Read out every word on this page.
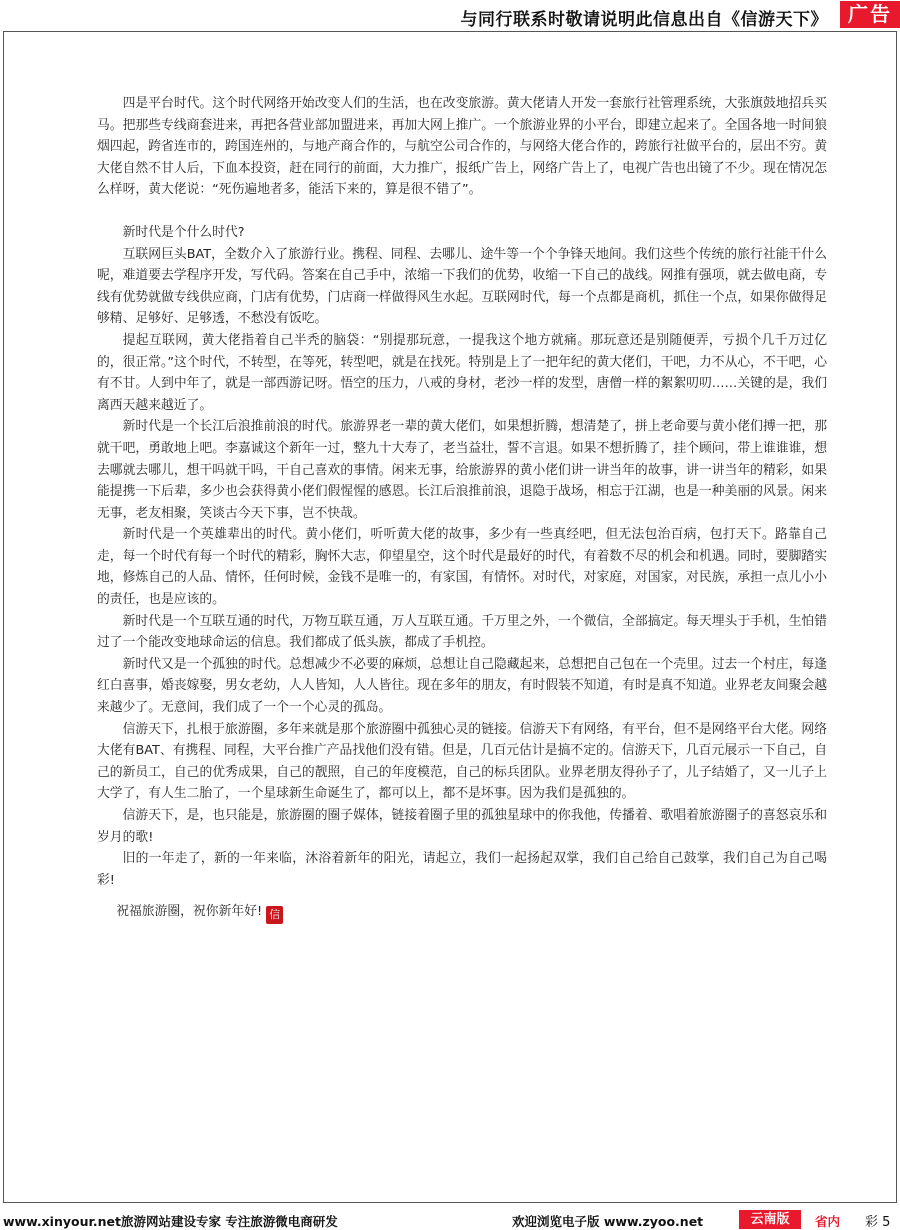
与同行联系时敬请说明此信息出自《信游天下》	广告

四是平台时代。这个时代网络开始改变人们的生活，也在改变旅游。黄大佬请人开发一套旅行社管理系统，大张旗鼓地招兵买马。把那些专线商套进来，再把各营业部加盟进来，再加大网上推广。一个旅游业界的小平台，即建立起来了。全国各地一时间狼烟四起，跨省连市的，跨国连州的，与地产商合作的，与航空公司合作的，与网络大佬合作的，跨旅行社做平台的，层出不穷。黄大佬自然不甘人后，下血本投资，赶在同行的前面，大力推广，报纸广告上，网络广告上了，电视广告也出镜了不少。现在情况怎么样呀，黄大佬说：“死伤遍地者多，能活下来的，算是很不错了”。

新时代是个什么时代?

互联网巨头BAT，全数介入了旅游行业。携程、同程、去哪儿、途牛等一个个争锋天地间。我们这些个传统的旅行社能干什么呢，难道要去学程序开发，写代码。答案在自己手中，浓缩一下我们的优势，收缩一下自己的战线。网推有强项，就去做电商，专线有优势就做专线供应商，门店有优势，门店商一样做得风生水起。互联网时代，每一个点都是商机，抓住一个点，如果你做得足够精、足够好、足够透，不愁没有饭吃。

提起互联网，黄大佬指着自己半秃的脑袋：“别提那玩意，一提我这个地方就痛。那玩意还是别随便弄，亏损个几千万过亿的，很正常。”这个时代，不转型，在等死，转型吧，就是在找死。特别是上了一把年纪的黄大佬们，干吧，力不从心，不干吧，心有不甘。人到中年了，就是一部西游记呀。悟空的压力，八戒的身材，老沙一样的发型，唐僧一样的絮絮叨叨……关键的是，我们离西天越来越近了。

新时代是一个长江后浪推前浪的时代。旅游界老一辈的黄大佬们，如果想折腾，想清楚了，拼上老命要与黄小佬们搏一把，那就干吧，勇敢地上吧。李嘉诚这个新年一过，整九十大寿了，老当益壮，誓不言退。如果不想折腾了，挂个顾问，带上谁谁谁，想去哪就去哪儿，想干吗就干吗，干自己喜欢的事情。闲来无事，给旅游界的黄小佬们讲一讲当年的故事，讲一讲当年的精彩，如果能提携一下后辈，多少也会获得黄小佬们假惺惺的感恩。长江后浪推前浪，退隐于战场，相忘于江湖，也是一种美丽的风景。闲来无事，老友相聚，笑谈古今天下事，岂不快哉。

新时代是一个英雄辈出的时代。黄小佬们，听听黄大佬的故事，多少有一些真经吧，但无法包治百病，包打天下。路靠自己走，每一个时代有每一个时代的精彩，胸怀大志，仰望星空，这个时代是最好的时代，有着数不尽的机会和机遇。同时，要脚踏实地，修炼自己的人品、情怀，任何时候，金钱不是唯一的，有家国，有情怀。对时代，对家庭，对国家，对民族，承担一点儿小小的责任，也是应该的。

新时代是一个互联互通的时代，万物互联互通，万人互联互通。千万里之外，一个微信，全部搞定。每天埋头于手机，生怕错过了一个能改变地球命运的信息。我们都成了低头族，都成了手机控。

新时代又是一个孤独的时代。总想减少不必要的麻烦，总想让自己隐藏起来，总想把自己包在一个壳里。过去一个村庄，每逢红白喜事，婚丧嫁娶，男女老幼，人人皆知，人人皆往。现在多年的朋友，有时假装不知道，有时是真不知道。业界老友间聚会越来越少了。无意间，我们成了一个一个心灵的孤岛。

信游天下，扎根于旅游圈，多年来就是那个旅游圈中孤独心灵的链接。信游天下有网络，有平台，但不是网络平台大佬。网络大佬有BAT、有携程、同程，大平台推广产品找他们没有错。但是，几百元估计是搞不定的。信游天下，几百元展示一下自己，自己的新员工，自己的优秀成果，自己的靓照，自己的年度模范，自己的标兵团队。业界老朋友得孙子了，儿子结婚了，又一儿子上大学了，有人生二胎了，一个星球新生命诞生了，都可以上，都不是坏事。因为我们是孤独的。

信游天下，是，也只能是，旅游圈的圈子媒体，链接着圈子里的孤独星球中的你我他，传播着、歌唱着旅游圈子的喜怒哀乐和岁月的歌!

旧的一年走了，新的一年来临，沐浴着新年的阳光，请起立，我们一起扬起双掌，我们自己给自己鼓掌，我们自己为自己喝彩!

祝福旅游圈，祝你新年好! 信

www.xinyour.net旅游网站建设专家 专注旅游微电商研发	欢迎浏览电子版 www.zyoo.net	云南版	省内 彩 5
